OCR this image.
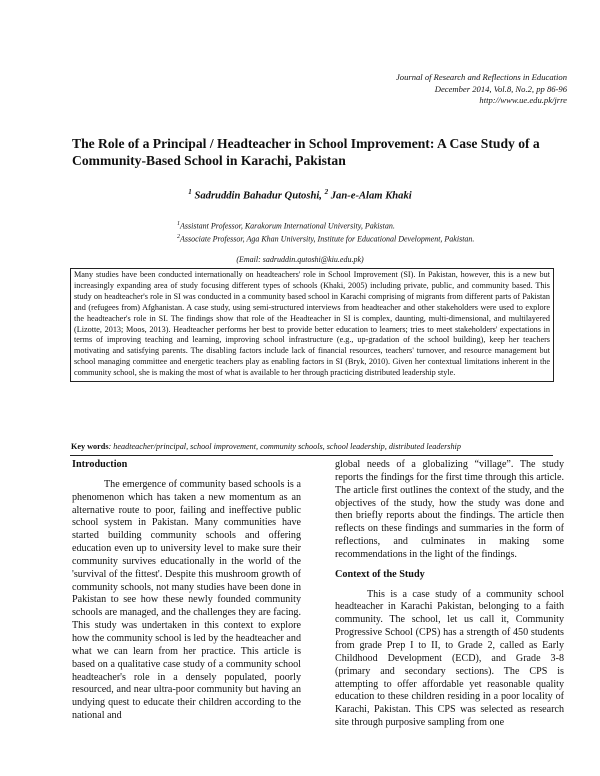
Journal of Research and Reflections in Education
December 2014, Vol.8, No.2, pp 86-96
http://www.ue.edu.pk/jrre
The Role of a Principal / Headteacher in School Improvement: A Case Study of a Community-Based School in Karachi, Pakistan
$^1$ Sadruddin Bahadur Qutoshi, $^2$ Jan-e-Alam Khaki
$^1$Assistant Professor, Karakorum International University, Pakistan.
$^2$Associate Professor, Aga Khan University, Institute for Educational Development, Pakistan.
(Email: sadruddin.qutoshi@kiu.edu.pk)
Many studies have been conducted internationally on headteachers' role in School Improvement (SI). In Pakistan, however, this is a new but increasingly expanding area of study focusing different types of schools (Khaki, 2005) including private, public, and community based. This study on headteacher's role in SI was conducted in a community based school in Karachi comprising of migrants from different parts of Pakistan and (refugees from) Afghanistan. A case study, using semi-structured interviews from headteacher and other stakeholders were used to explore the headteacher's role in SI. The findings show that role of the Headteacher in SI is complex, daunting, multi-dimensional, and multilayered (Lizotte, 2013; Moos, 2013). Headteacher performs her best to provide better education to learners; tries to meet stakeholders' expectations in terms of improving teaching and learning, improving school infrastructure (e.g., up-gradation of the school building), keep her teachers motivating and satisfying parents. The disabling factors include lack of financial resources, teachers' turnover, and resource management but school managing committee and energetic teachers play as enabling factors in SI (Bryk, 2010). Given her contextual limitations inherent in the community school, she is making the most of what is available to her through practicing distributed leadership style.
Key words: headteacher/principal, school improvement, community schools, school leadership, distributed leadership
Introduction

The emergence of community based schools is a phenomenon which has taken a new momentum as an alternative route to poor, failing and ineffective public school system in Pakistan. Many communities have started building community schools and offering education even up to university level to make sure their community survives educationally in the world of the 'survival of the fittest'. Despite this mushroom growth of community schools, not many studies have been done in Pakistan to see how these newly founded community schools are managed, and the challenges they are facing. This study was undertaken in this context to explore how the community school is led by the headteacher and what we can learn from her practice. This article is based on a qualitative case study of a community school headteacher's role in a densely populated, poorly resourced, and near ultra-poor community but having an undying quest to educate their children according to the national and

global needs of a globalizing “village”. The study reports the findings for the first time through this article. The article first outlines the context of the study, and the objectives of the study, how the study was done and then briefly reports about the findings. The article then reflects on these findings and summaries in the form of reflections, and culminates in making some recommendations in the light of the findings.

Context of the Study

This is a case study of a community school headteacher in Karachi Pakistan, belonging to a faith community. The school, let us call it, Community Progressive School (CPS) has a strength of 450 students from grade Prep I to II, to Grade 2, called as Early Childhood Development (ECD), and Grade 3-8 (primary and secondary sections). The CPS is attempting to offer affordable yet reasonable quality education to these children residing in a poor locality of Karachi, Pakistan. This CPS was selected as research site through purposive sampling from one
